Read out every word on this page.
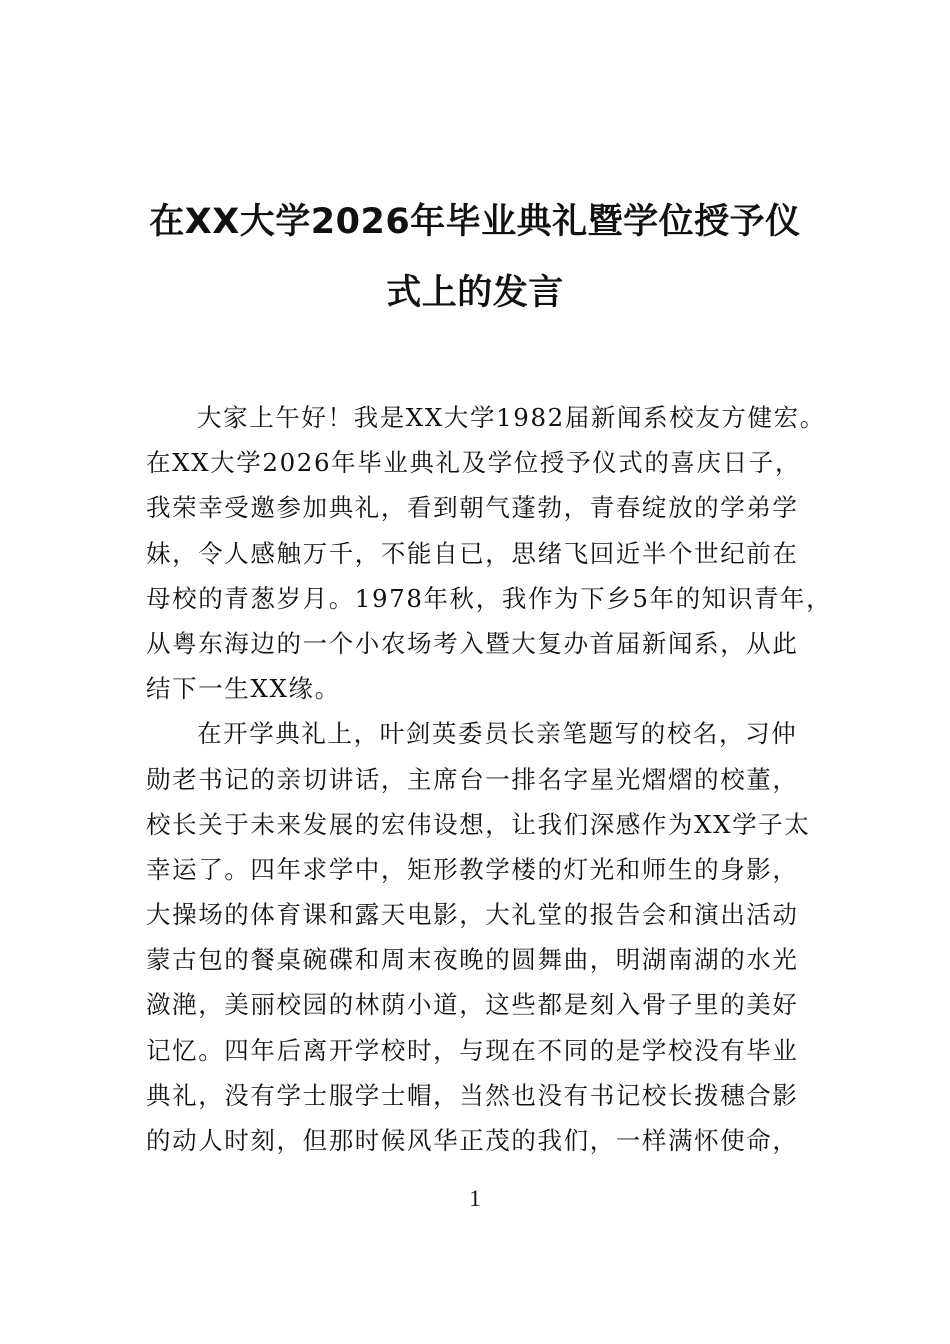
在XX大学2026年毕业典礼暨学位授予仪
式上的发言
大家上午好！我是XX大学1982届新闻系校友方健宏。
在XX大学2026年毕业典礼及学位授予仪式的喜庆日子，
我荣幸受邀参加典礼，看到朝气蓬勃，青春绽放的学弟学
妹，令人感触万千，不能自已，思绪飞回近半个世纪前在
母校的青葱岁月。1978年秋，我作为下乡5年的知识青年，
从粤东海边的一个小农场考入暨大复办首届新闻系，从此
结下一生XX缘。
在开学典礼上，叶剑英委员长亲笔题写的校名，习仲
勋老书记的亲切讲话，主席台一排名字星光熠熠的校董，
校长关于未来发展的宏伟设想，让我们深感作为XX学子太
幸运了。四年求学中，矩形教学楼的灯光和师生的身影，
大操场的体育课和露天电影，大礼堂的报告会和演出活动
蒙古包的餐桌碗碟和周末夜晚的圆舞曲，明湖南湖的水光
潋滟，美丽校园的林荫小道，这些都是刻入骨子里的美好
记忆。四年后离开学校时，与现在不同的是学校没有毕业
典礼，没有学士服学士帽，当然也没有书记校长拨穗合影
的动人时刻，但那时候风华正茂的我们，一样满怀使命，
1
